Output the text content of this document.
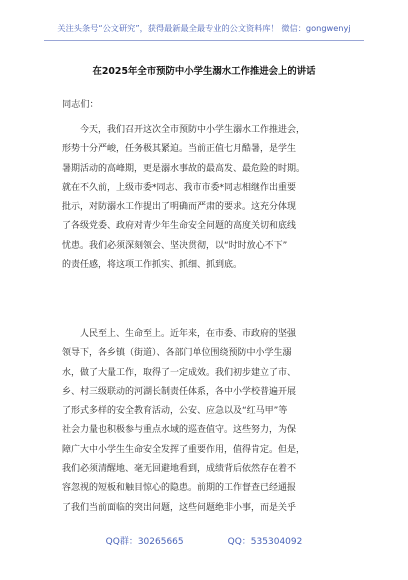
关注头条号“公文研究”，获得最新最全最专业的公文资料库！ 微信：gongwenyj
在2025年全市预防中小学生溺水工作推进会上的讲话
同志们：
　　今天，我们召开这次全市预防中小学生溺水工作推进会，
形势十分严峻，任务极其紧迫。当前正值七月酷暑，是学生
暑期活动的高峰期，更是溺水事故的最高发、最危险的时期。
就在不久前，上级市委*同志、我市市委*同志相继作出重要
批示，对防溺水工作提出了明确而严肃的要求。这充分体现
了各级党委、政府对青少年生命安全问题的高度关切和底线
忧患。我们必须深刻领会、坚决贯彻，以“时时放心不下”
的责任感，将这项工作抓实、抓细、抓到底。
　　人民至上、生命至上。近年来，在市委、市政府的坚强
领导下，各乡镇（街道）、各部门单位围绕预防中小学生溺
水，做了大量工作，取得了一定成效。我们初步建立了市、
乡、村三级联动的河湖长制责任体系，各中小学校普遍开展
了形式多样的安全教育活动，公安、应急以及“红马甲”等
社会力量也积极参与重点水域的巡查值守。这些努力，为保
障广大中小学生生命安全发挥了重要作用，值得肯定。但是，
我们必须清醒地、毫无回避地看到，成绩背后依然存在着不
容忽视的短板和触目惊心的隐患。前期的工作督查已经通报
了我们当前面临的突出问题，这些问题绝非小事，而是关乎
QQ群：30265665	QQ：535304092
